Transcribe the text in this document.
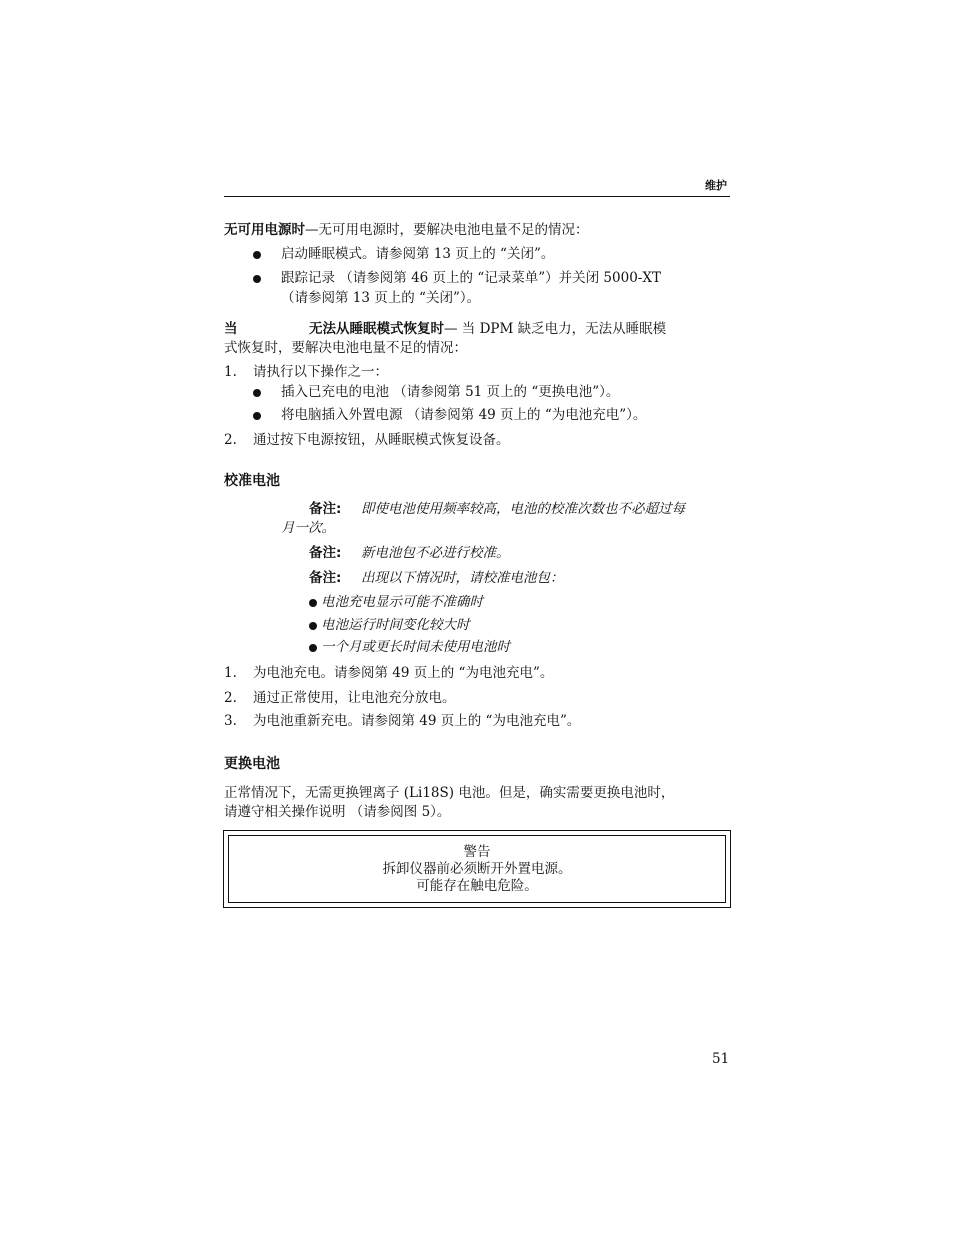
维护
无可用电源时—无可用电源时，要解决电池电量不足的情况：
启动睡眠模式。请参阅第 13 页上的 “关闭”。
跟踪记录 （请参阅第 46 页上的 “记录菜单”）并关闭 5000-XT
（请参阅第 13 页上的 “关闭”）。
当	无法从睡眠模式恢复时— 当 DPM 缺乏电力，无法从睡眠模
式恢复时，要解决电池电量不足的情况：
1. 请执行以下操作之一：
插入已充电的电池 （请参阅第 51 页上的 “更换电池”）。
将电脑插入外置电源 （请参阅第 49 页上的 “为电池充电”）。
2. 通过按下电源按钮，从睡眠模式恢复设备。
校准电池
备注: 即使电池使用频率较高，电池的校准次数也不必超过每
月一次。
备注: 新电池包不必进行校准。
备注: 出现以下情况时，请校准电池包：
电池充电显示可能不准确时
电池运行时间变化较大时
一个月或更长时间未使用电池时
1. 为电池充电。请参阅第 49 页上的 “为电池充电”。
2. 通过正常使用，让电池充分放电。
3. 为电池重新充电。请参阅第 49 页上的 “为电池充电”。
更换电池
正常情况下，无需更换锂离子 (Li18S) 电池。但是，确实需要更换电池时，
请遵守相关操作说明 （请参阅图 5）。
警告
拆卸仪器前必须断开外置电源。
可能存在触电危险。
51
